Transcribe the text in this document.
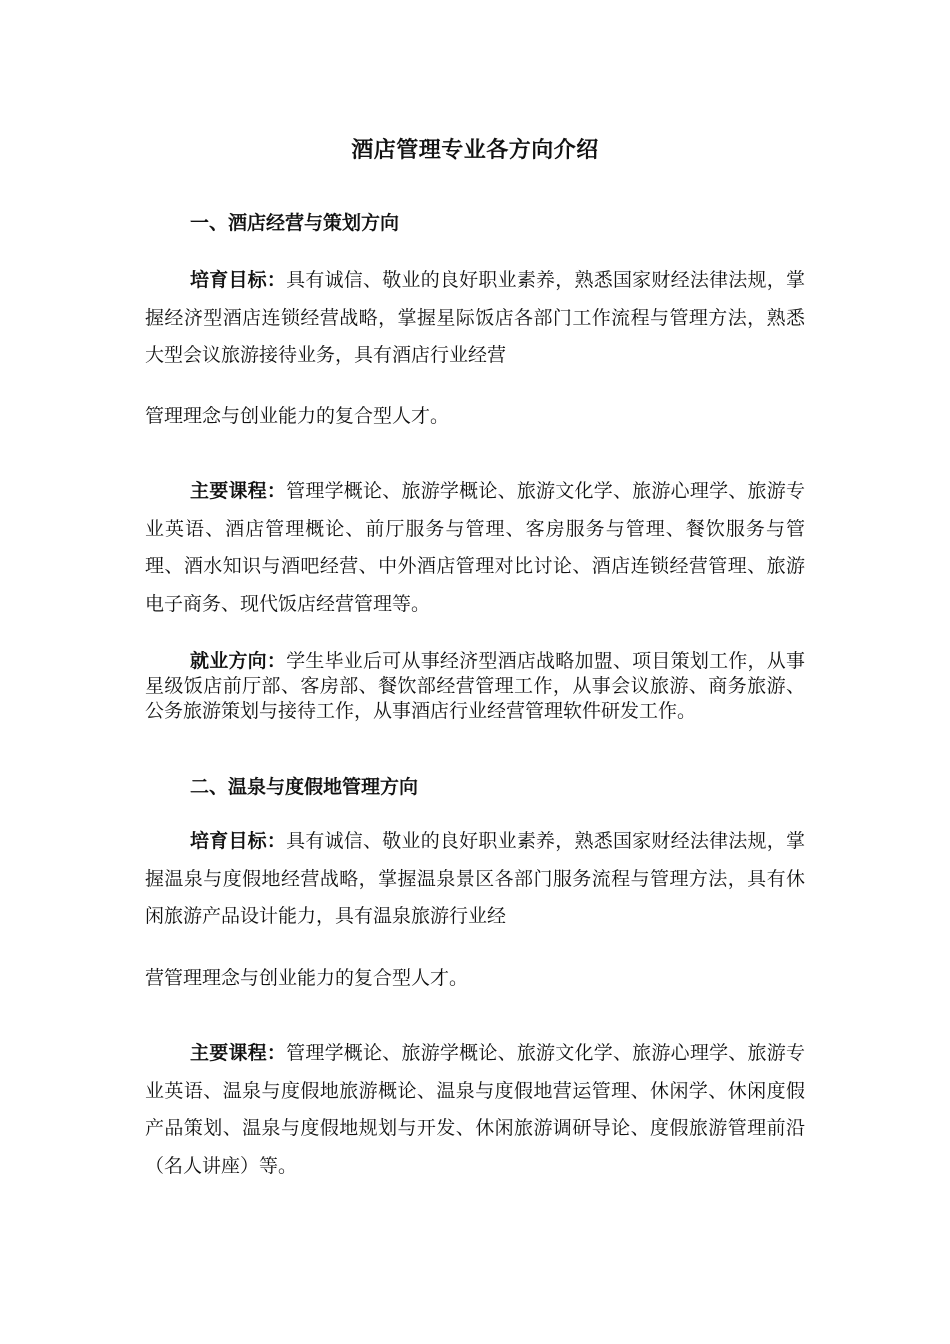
酒店管理专业各方向介绍
一、酒店经营与策划方向
培育目标：具有诚信、敬业的良好职业素养，熟悉国家财经法律法规，掌握经济型酒店连锁经营战略，掌握星际饭店各部门工作流程与管理方法，熟悉大型会议旅游接待业务，具有酒店行业经营
管理理念与创业能力的复合型人才。
主要课程：管理学概论、旅游学概论、旅游文化学、旅游心理学、旅游专业英语、酒店管理概论、前厅服务与管理、客房服务与管理、餐饮服务与管理、酒水知识与酒吧经营、中外酒店管理对比讨论、酒店连锁经营管理、旅游电子商务、现代饭店经营管理等。
就业方向：学生毕业后可从事经济型酒店战略加盟、项目策划工作，从事星级饭店前厅部、客房部、餐饮部经营管理工作，从事会议旅游、商务旅游、公务旅游策划与接待工作，从事酒店行业经营管理软件研发工作。
二、温泉与度假地管理方向
培育目标：具有诚信、敬业的良好职业素养，熟悉国家财经法律法规，掌握温泉与度假地经营战略，掌握温泉景区各部门服务流程与管理方法，具有休闲旅游产品设计能力，具有温泉旅游行业经
营管理理念与创业能力的复合型人才。
主要课程：管理学概论、旅游学概论、旅游文化学、旅游心理学、旅游专业英语、温泉与度假地旅游概论、温泉与度假地营运管理、休闲学、休闲度假产品策划、温泉与度假地规划与开发、休闲旅游调研导论、度假旅游管理前沿（名人讲座）等。
